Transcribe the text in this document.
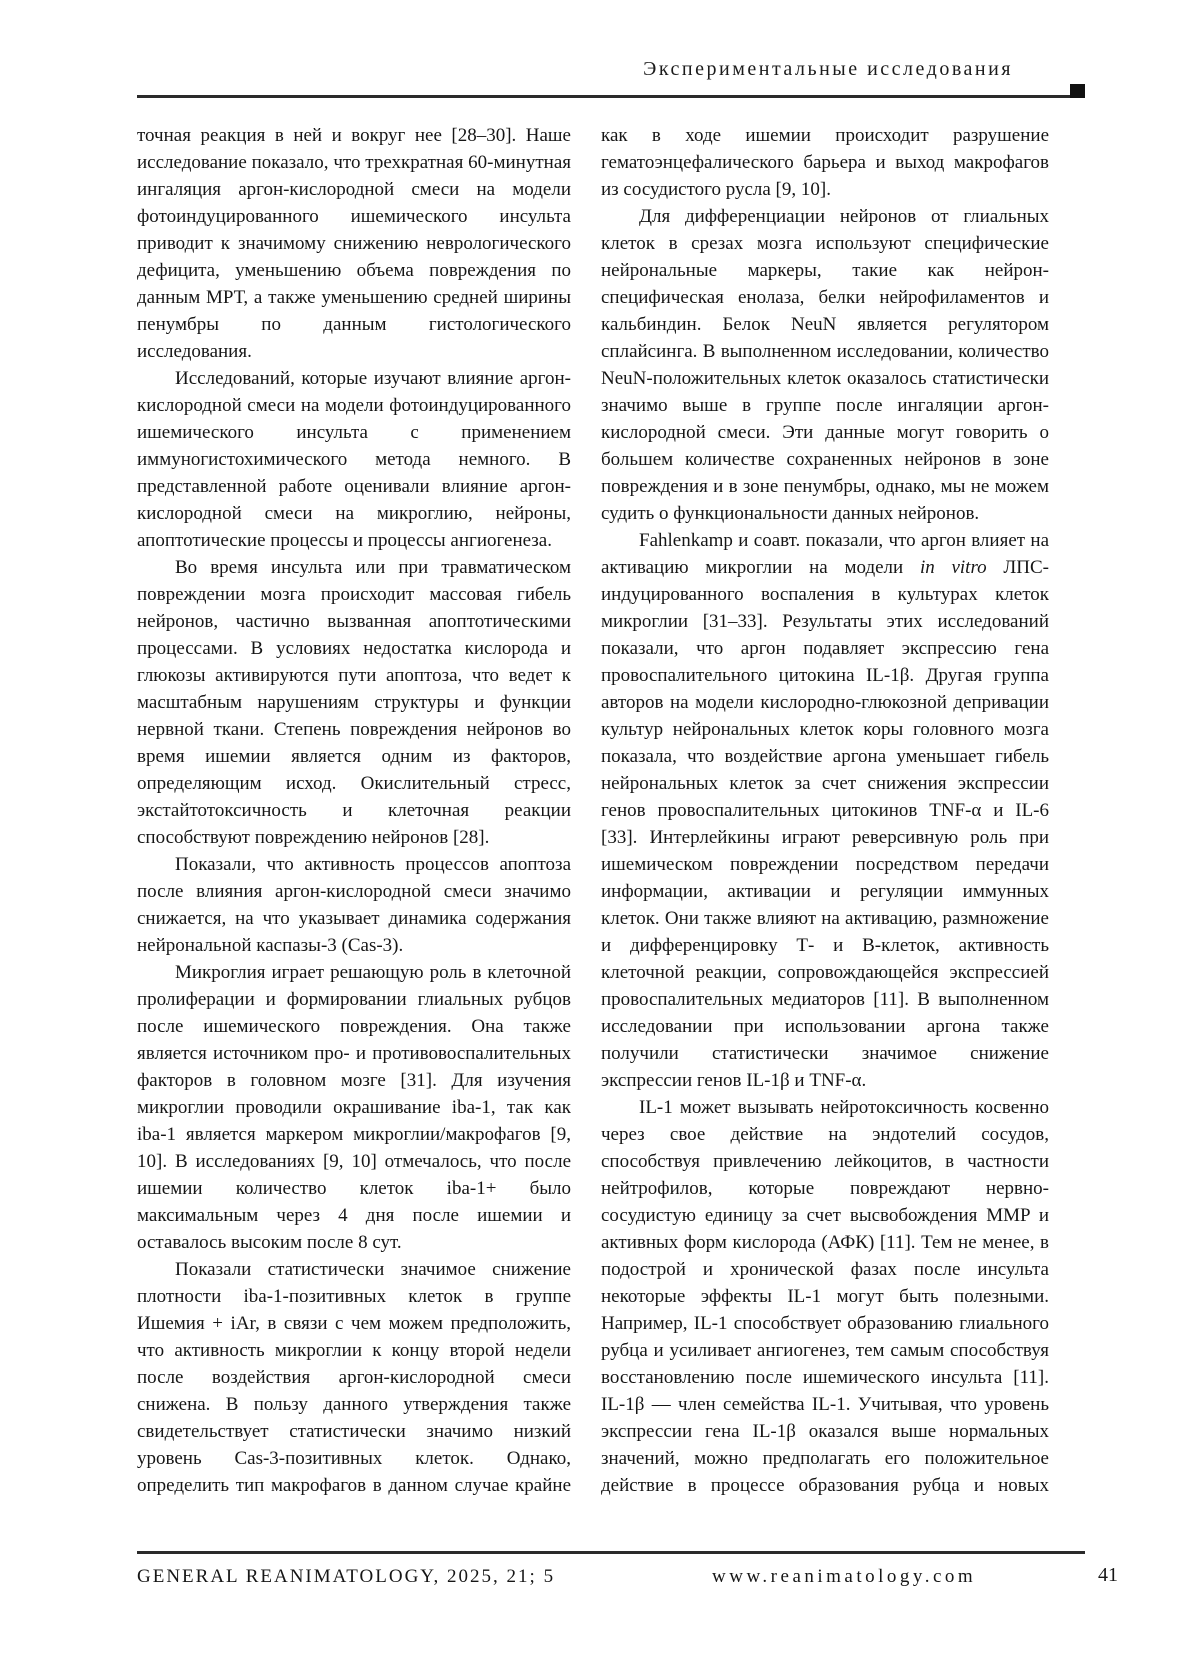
Экспериментальные исследования

точная реакция в ней и вокруг нее [28–30]. Наше исследование показало, что трехкратная 60-минутная ингаляция аргон-кислородной смеси на модели фотоиндуцированного ишемического инсульта приводит к значимому снижению неврологического дефицита, уменьшению объема повреждения по данным МРТ, а также уменьшению средней ширины пенумбры по данным гистологического исследования.

Исследований, которые изучают влияние аргон-кислородной смеси на модели фотоиндуцированного ишемического инсульта с применением иммуногистохимического метода немного. В представленной работе оценивали влияние аргон-кислородной смеси на микроглию, нейроны, апоптотические процессы и процессы ангиогенеза.

Во время инсульта или при травматическом повреждении мозга происходит массовая гибель нейронов, частично вызванная апоптотическими процессами. В условиях недостатка кислорода и глюкозы активируются пути апоптоза, что ведет к масштабным нарушениям структуры и функции нервной ткани. Степень повреждения нейронов во время ишемии является одним из факторов, определяющим исход. Окислительный стресс, экстайтотоксичность и клеточная реакции способствуют повреждению нейронов [28].

Показали, что активность процессов апоптоза после влияния аргон-кислородной смеси значимо снижается, на что указывает динамика содержания нейрональной каспазы-3 (Cas-3).

Микроглия играет решающую роль в клеточной пролиферации и формировании глиальных рубцов после ишемического повреждения. Она также является источником про- и противовоспалительных факторов в головном мозге [31]. Для изучения микроглии проводили окрашивание iba-1, так как iba-1 является маркером микроглии/макрофагов [9, 10]. В исследованиях [9, 10] отмечалось, что после ишемии количество клеток iba-1+ было максимальным через 4 дня после ишемии и оставалось высоким после 8 сут.

Показали статистически значимое снижение плотности iba-1-позитивных клеток в группе Ишемия + iAr, в связи с чем можем предположить, что активность микроглии к концу второй недели после воздействия аргон-кислородной смеси снижена. В пользу данного утверждения также свидетельствует статистически значимо низкий уровень Cas-3-позитивных клеток. Однако, определить тип макрофагов в данном случае крайне

как в ходе ишемии происходит разрушение гематоэнцефалического барьера и выход макрофагов из сосудистого русла [9, 10].

Для дифференциации нейронов от глиальных клеток в срезах мозга используют специфические нейрональные маркеры, такие как нейрон-специфическая енолаза, белки нейрофиламентов и кальбиндин. Белок NeuN является регулятором сплайсинга. В выполненном исследовании, количество NeuN-положительных клеток оказалось статистически значимо выше в группе после ингаляции аргон-кислородной смеси. Эти данные могут говорить о большем количестве сохраненных нейронов в зоне повреждения и в зоне пенумбры, однако, мы не можем судить о функциональности данных нейронов.

Fahlenkamp и соавт. показали, что аргон влияет на активацию микроглии на модели in vitro ЛПС-индуцированного воспаления в культурах клеток микроглии [31–33]. Результаты этих исследований показали, что аргон подавляет экспрессию гена провоспалительного цитокина IL-1β. Другая группа авторов на модели кислородно-глюкозной депривации культур нейрональных клеток коры головного мозга показала, что воздействие аргона уменьшает гибель нейрональных клеток за счет снижения экспрессии генов провоспалительных цитокинов TNF-α и IL-6 [33]. Интерлейкины играют реверсивную роль при ишемическом повреждении посредством передачи информации, активации и регуляции иммунных клеток. Они также влияют на активацию, размножение и дифференцировку Т- и В-клеток, активность клеточной реакции, сопровождающейся экспрессией провоспалительных медиаторов [11]. В выполненном исследовании при использовании аргона также получили статистически значимое снижение экспрессии генов IL-1β и TNF-α.

IL-1 может вызывать нейротоксичность косвенно через свое действие на эндотелий сосудов, способствуя привлечению лейкоцитов, в частности нейтрофилов, которые повреждают нервно-сосудистую единицу за счет высвобождения MMP и активных форм кислорода (АФК) [11]. Тем не менее, в подострой и хронической фазах после инсульта некоторые эффекты IL-1 могут быть полезными. Например, IL-1 способствует образованию глиального рубца и усиливает ангиогенез, тем самым способствуя восстановлению после ишемического инсульта [11]. IL-1β — член семейства IL-1. Учитывая, что уровень экспрессии гена IL-1β оказался выше нормальных значений, можно предполагать его положительное действие в процессе образования рубца и новых

GENERAL REANIMATOLOGY, 2025, 21; 5	www.reanimatology.com	41
